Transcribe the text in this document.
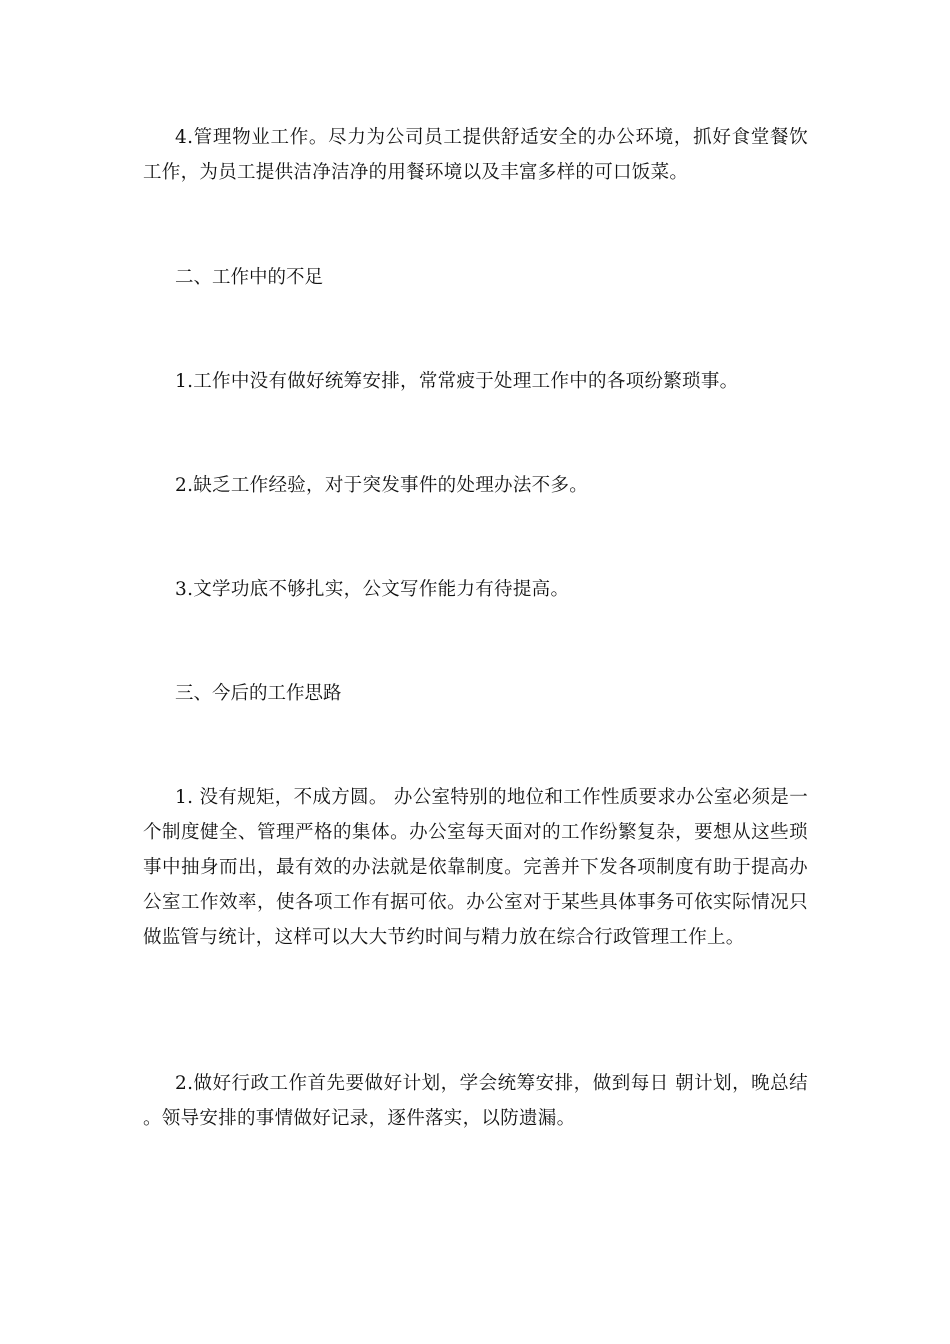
4.管理物业工作。尽力为公司员工提供舒适安全的办公环境，抓好食堂餐饮工作，为员工提供洁净洁净的用餐环境以及丰富多样的可口饭菜。

二、工作中的不足

1.工作中没有做好统筹安排，常常疲于处理工作中的各项纷繁琐事。

2.缺乏工作经验，对于突发事件的处理办法不多。

3.文学功底不够扎实，公文写作能力有待提高。

三、今后的工作思路

1. 没有规矩，不成方圆。 办公室特别的地位和工作性质要求办公室必须是一个制度健全、管理严格的集体。办公室每天面对的工作纷繁复杂，要想从这些琐事中抽身而出，最有效的办法就是依靠制度。完善并下发各项制度有助于提高办公室工作效率，使各项工作有据可依。办公室对于某些具体事务可依实际情况只做监管与统计，这样可以大大节约时间与精力放在综合行政管理工作上。

2.做好行政工作首先要做好计划，学会统筹安排，做到每日 朝计划，晚总结 。领导安排的事情做好记录，逐件落实，以防遗漏。
